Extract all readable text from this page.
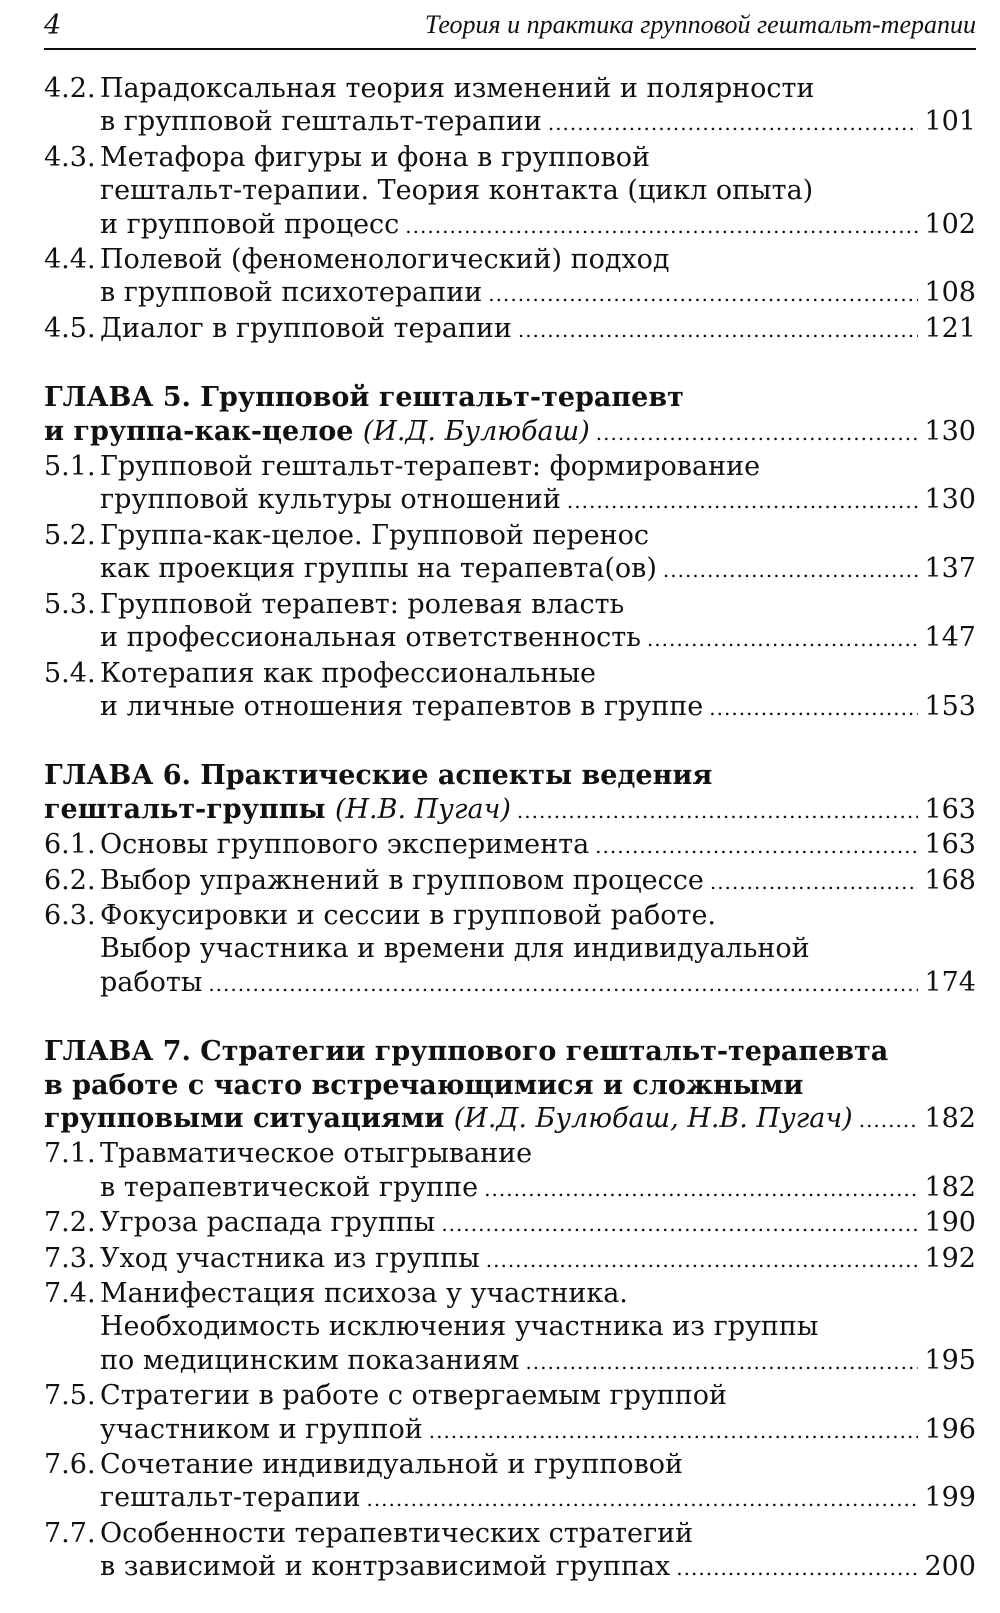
4	Теория и практика групповой гештальт-терапии
4.2. Парадоксальная теория изменений и полярности
в групповой гештальт-терапии .....	101
4.3. Метафора фигуры и фона в групповой
гештальт-терапии. Теория контакта (цикл опыта)
и групповой процесс .....	102
4.4. Полевой (феноменологический) подход
в групповой психотерапии .....	108
4.5. Диалог в групповой терапии .....	121
ГЛАВА 5. Групповой гештальт-терапевт
и группа-как-целое (И.Д. Булюбаш) .....	130
5.1. Групповой гештальт-терапевт: формирование
групповой культуры отношений .....	130
5.2. Группа-как-целое. Групповой перенос
как проекция группы на терапевта(ов) .....	137
5.3. Групповой терапевт: ролевая власть
и профессиональная ответственность .....	147
5.4. Котерапия как профессиональные
и личные отношения терапевтов в группе .....	153
ГЛАВА 6. Практические аспекты ведения
гештальт-группы (Н.В. Пугач) .....	163
6.1. Основы группового эксперимента .....	163
6.2. Выбор упражнений в групповом процессе .....	168
6.3. Фокусировки и сессии в групповой работе.
Выбор участника и времени для индивидуальной
работы .....	174
ГЛАВА 7. Стратегии группового гештальт-терапевта
в работе с часто встречающимися и сложными
групповыми ситуациями (И.Д. Булюбаш, Н.В. Пугач) .....	182
7.1. Травматическое отыгрывание
в терапевтической группе .....	182
7.2. Угроза распада группы .....	190
7.3. Уход участника из группы .....	192
7.4. Манифестация психоза у участника.
Необходимость исключения участника из группы
по медицинским показаниям .....	195
7.5. Стратегии в работе с отвергаемым группой
участником и группой .....	196
7.6. Сочетание индивидуальной и групповой
гештальт-терапии .....	199
7.7. Особенности терапевтических стратегий
в зависимой и контрзависимой группах .....	200
